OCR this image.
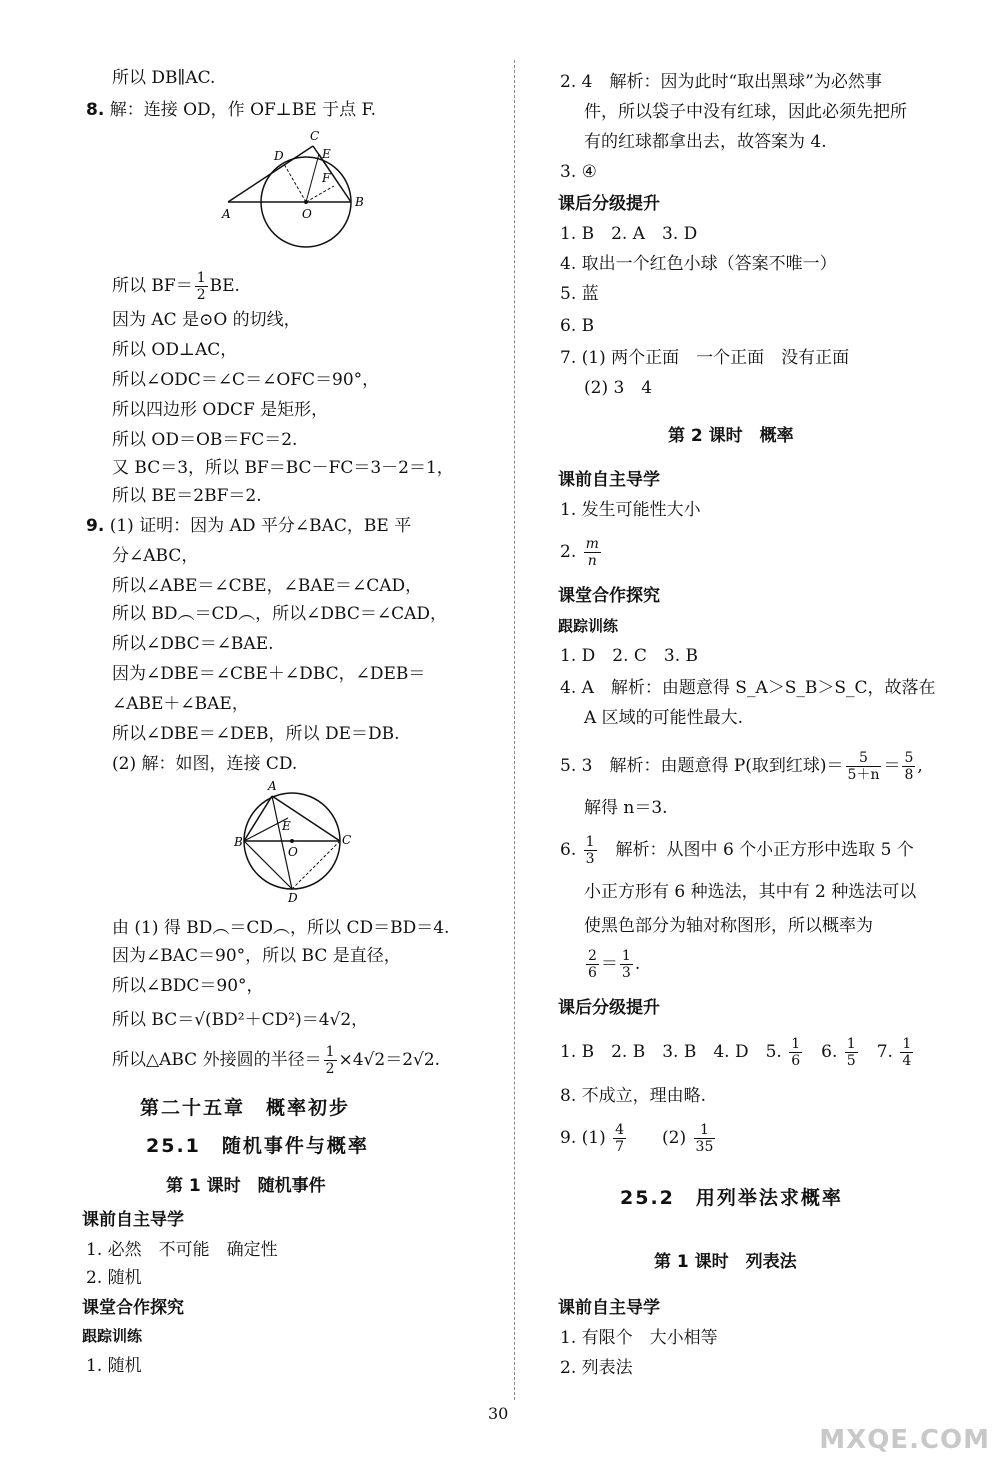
所以 DB∥AC.
8. 解：连接 OD，作 OF⊥BE 于点 F.
C
D	E
F
A	O
B
所以 $BF= \frac{1}{2}$ BE.
因为 AC 是⊙O 的切线，
所以 OD⊥AC，
所以∠ODC＝∠C＝∠OFC＝90°，
所以四边形 ODCF 是矩形，
所以 OD＝OB＝FC＝2.
又 BC＝3，所以 BF＝BC－FC＝3－2＝1，
所以 BE＝2BF＝2.
9. (1) 证明：因为 AD 平分∠BAC，BE 平
分∠ABC，
所以∠ABE＝∠CBE，∠BAE＝∠CAD，
所以 BD︵＝CD︵，所以∠DBC＝∠CAD，
所以∠DBC＝∠BAE.
因为∠DBE＝∠CBE＋∠DBC，∠DEB＝
∠ABE＋∠BAE，
所以∠DBE＝∠DEB，所以 DE＝DB.
(2) 解：如图，连接 CD.
A
E
B
O
C
D
由 (1) 得 BD︵＝CD︵，所以 CD＝BD＝4.
因为∠BAC＝90°，所以 BC 是直径，
所以∠BDC＝90°，
所以 BC＝√(BD²＋CD²)＝4√2，
所以△ABC 外接圆的半径＝ $\frac{1}{2} \times 4√2=2√2$.
第二十五章　概率初步
25.1　随机事件与概率
第 1 课时　随机事件
课前自主导学
1. 必然　不可能　确定性
2. 随机
课堂合作探究
跟踪训练
1. 随机
2. 4　解析：因为此时“取出黑球”为必然事
件，所以袋子中没有红球，因此必须先把所
有的红球都拿出去，故答案为 4.
3. ④
课后分级提升
1. B　2. A　3. D
4. 取出一个红色小球（答案不唯一）
5. 蓝
6. B
7. (1) 两个正面　一个正面　没有正面
(2) 3　4
第 2 课时　概率
课前自主导学
1. 发生可能性大小
2. $\frac{m}{n}$
课堂合作探究
跟踪训练
1. D　2. C　3. B
4. A　解析：由题意得 S_A＞S_B＞S_C，故落在
A 区域的可能性最大.
5. 3　解析：由题意得 P(取到红球)＝ $\frac{5}{5+n} = \frac{5}{8}$ ,
解得 n＝3.
6. $\frac{1}{3}$ 　解析：从图中 6 个小正方形中选取 5 个
小正方形有 6 种选法，其中有 2 种选法可以
使黑色部分为轴对称图形，所以概率为
$\frac{2}{6} = \frac{1}{3}$ .
课后分级提升
1. B　2. B　3. B　4. D　5. $\frac{1}{6}$
　 6. $\frac{1}{5}$
　 7. $\frac{1}{4}$
8. 不成立，理由略.
9. $(1) \frac{4}{7}$
　　 $(2) \frac{1}{35}$
25.2　用列举法求概率
第 1 课时　列表法
课前自主导学
1. 有限个　大小相等
2. 列表法
30
MXQE.COM
